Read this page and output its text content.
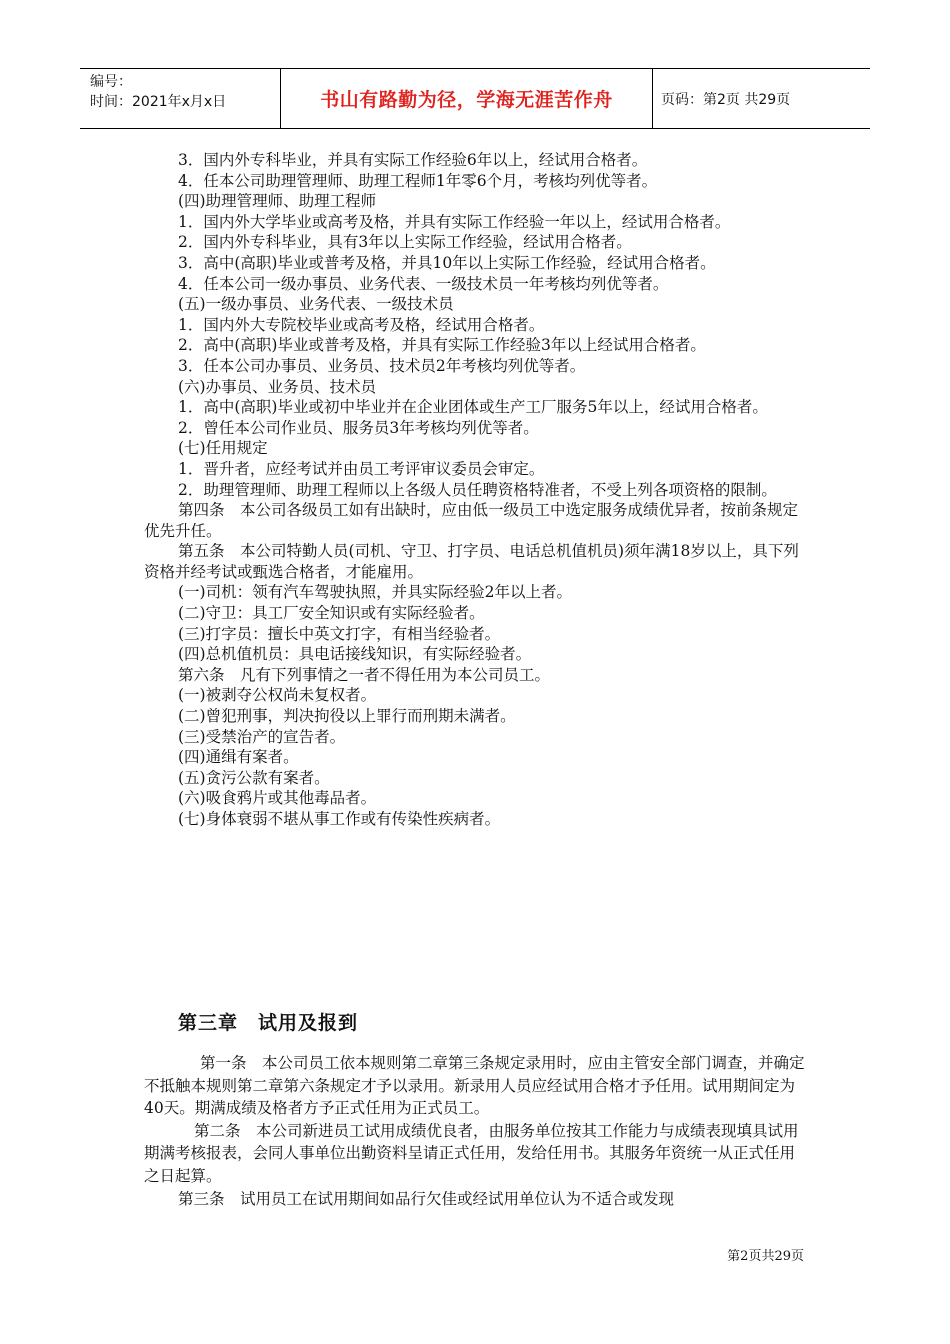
编号：
时间：2021年x月x日	书山有路勤为径，学海无涯苦作舟	页码：第2页 共29页

3．国内外专科毕业，并具有实际工作经验6年以上，经试用合格者。

4．任本公司助理管理师、助理工程师1年零6个月，考核均列优等者。

(四)助理管理师、助理工程师

1．国内外大学毕业或高考及格，并具有实际工作经验一年以上，经试用合格者。

2．国内外专科毕业，具有3年以上实际工作经验，经试用合格者。

3．高中(高职)毕业或普考及格，并具10年以上实际工作经验，经试用合格者。

4．任本公司一级办事员、业务代表、一级技术员一年考核均列优等者。

(五)一级办事员、业务代表、一级技术员

1．国内外大专院校毕业或高考及格，经试用合格者。

2．高中(高职)毕业或普考及格，并具有实际工作经验3年以上经试用合格者。

3．任本公司办事员、业务员、技术员2年考核均列优等者。

(六)办事员、业务员、技术员

1．高中(高职)毕业或初中毕业并在企业团体或生产工厂服务5年以上，经试用合格者。

2．曾任本公司作业员、服务员3年考核均列优等者。

(七)任用规定

1．晋升者，应经考试并由员工考评审议委员会审定。

2．助理管理师、助理工程师以上各级人员任聘资格特准者，不受上列各项资格的限制。

第四条　本公司各级员工如有出缺时，应由低一级员工中选定服务成绩优异者，按前条规定优先升任。

第五条　本公司特勤人员(司机、守卫、打字员、电话总机值机员)须年满18岁以上，具下列资格并经考试或甄选合格者，才能雇用。

(一)司机：领有汽车驾驶执照，并具实际经验2年以上者。

(二)守卫：具工厂安全知识或有实际经验者。

(三)打字员：擅长中英文打字，有相当经验者。

(四)总机值机员：具电话接线知识，有实际经验者。

第六条　凡有下列事情之一者不得任用为本公司员工。

(一)被剥夺公权尚未复权者。

(二)曾犯刑事，判决拘役以上罪行而刑期未满者。

(三)受禁治产的宣告者。

(四)通缉有案者。

(五)贪污公款有案者。

(六)吸食鸦片或其他毒品者。

(七)身体衰弱不堪从事工作或有传染性疾病者。

第三章　试用及报到

第一条　本公司员工依本规则第二章第三条规定录用时，应由主管安全部门调查，并确定不抵触本规则第二章第六条规定才予以录用。新录用人员应经试用合格才予任用。试用期间定为40天。期满成绩及格者方予正式任用为正式员工。

第二条　本公司新进员工试用成绩优良者，由服务单位按其工作能力与成绩表现填具试用期满考核报表，会同人事单位出勤资料呈请正式任用，发给任用书。其服务年资统一从正式任用之日起算。

第三条　试用员工在试用期间如品行欠佳或经试用单位认为不适合或发现

第2页共29页
